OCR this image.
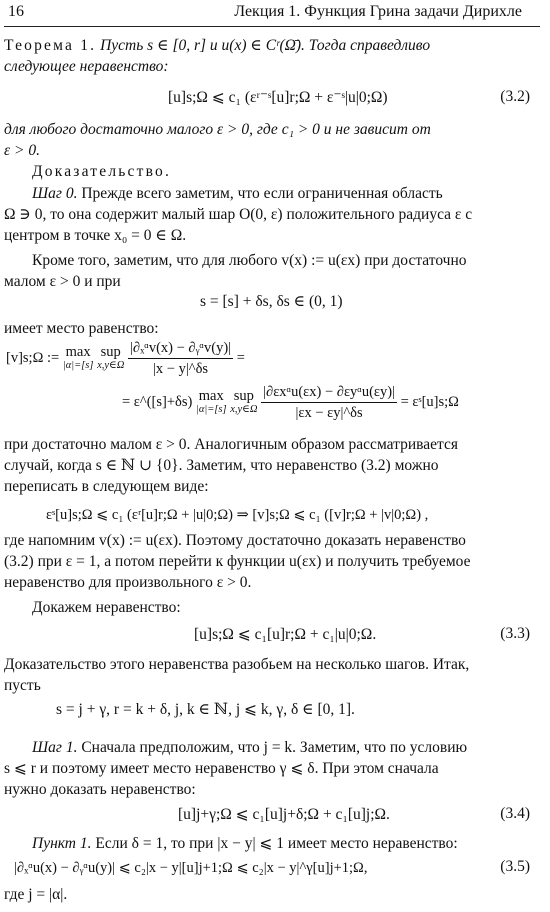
16	Лекция 1. Функция Грина задачи Дирихле
Теорема 1. Пусть s ∈ [0, r] и u(x) ∈ Cʳ(Ω̄). Тогда справедливо
следующее неравенство:
[u]s;Ω ⩽ c₁ (εʳ⁻ˢ[u]r;Ω + ε⁻ˢ|u|0;Ω)	(3.2)
для любого достаточно малого ε > 0, где c₁ > 0 и не зависит от
ε > 0.
Доказательство.
Шаг 0. Прежде всего заметим, что если ограниченная область
Ω ∋ 0, то она содержит малый шар O(0, ε) положительного радиуса ε с
центром в точке x₀ = 0 ∈ Ω.
Кроме того, заметим, что для любого v(x) := u(εx) при достаточно
малом ε > 0 и при
s = [s] + δs, δs ∈ (0, 1)
имеет место равенство:
[v]s;Ω := max
|α|=[s]
sup
x,y∈Ω
$\frac{\text{|∂ₓᵅv(x) − ∂ᵧᵅv(y)|}}{|x - y|\^{}\delta s}$ =
= ε^([s]+δs) max
|α|=[s]
sup
x,y∈Ω
$\frac{\text{|∂εxᵅu(εx) − ∂εyᵅu(εy)|}}{|\varepsilon x - \varepsilon y|\^{}\delta s}$ = εˢ[u]s;Ω
при достаточно малом ε > 0. Аналогичным образом рассматривается
случай, когда s ∈ ℕ ∪ {0}. Заметим, что неравенство (3.2) можно
переписать в следующем виде:
εˢ[u]s;Ω ⩽ c₁ (εʳ[u]r;Ω + |u|0;Ω) ⇒ [v]s;Ω ⩽ c₁ ([v]r;Ω + |v|0;Ω) ,
где напомним v(x) := u(εx). Поэтому достаточно доказать неравенство
(3.2) при ε = 1, а потом перейти к функции u(εx) и получить требуемое
неравенство для произвольного ε > 0.
Докажем неравенство:
[u]s;Ω ⩽ c₁[u]r;Ω + c₁|u|0;Ω.	(3.3)
Доказательство этого неравенства разобьем на несколько шагов. Итак,
пусть
s = j + γ, r = k + δ, j, k ∈ ℕ, j ⩽ k, γ, δ ∈ [0, 1].
Шаг 1. Сначала предположим, что j = k. Заметим, что по условию
s ⩽ r и поэтому имеет место неравенство γ ⩽ δ. При этом сначала
нужно доказать неравенство:
[u]j+γ;Ω ⩽ c₁[u]j+δ;Ω + c₁[u]j;Ω.	(3.4)
Пункт 1. Если δ = 1, то при |x − y| ⩽ 1 имеет место неравенство:
|∂ₓᵅu(x) − ∂ᵧᵅu(y)| ⩽ c₂|x − y|[u]j+1;Ω ⩽ c₂|x − y|^γ[u]j+1;Ω,	(3.5)
где j = |α|.
